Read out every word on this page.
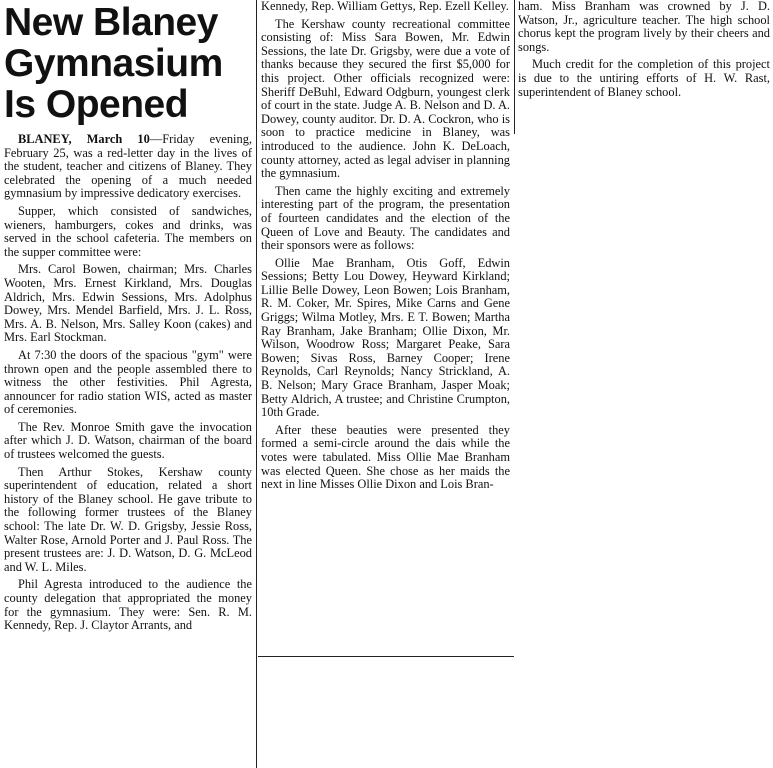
New Blaney
Gymnasium
Is Opened

BLANEY, March 10—Friday evening, February 25, was a red-letter day in the lives of the student, teacher and citizens of Blaney. They celebrated the opening of a much needed gymnasium by impressive dedicatory exercises.

Supper, which consisted of sandwiches, wieners, hamburgers, cokes and drinks, was served in the school cafeteria. The members on the supper committee were:

Mrs. Carol Bowen, chairman; Mrs. Charles Wooten, Mrs. Ernest Kirkland, Mrs. Douglas Aldrich, Mrs. Edwin Sessions, Mrs. Adolphus Dowey, Mrs. Mendel Barfield, Mrs. J. L. Ross, Mrs. A. B. Nelson, Mrs. Salley Koon (cakes) and Mrs. Earl Stockman.

At 7:30 the doors of the spacious "gym" were thrown open and the people assembled there to witness the other festivities. Phil Agresta, announcer for radio station WIS, acted as master of ceremonies.

The Rev. Monroe Smith gave the invocation after which J. D. Watson, chairman of the board of trustees welcomed the guests.

Then Arthur Stokes, Kershaw county superintendent of education, related a short history of the Blaney school. He gave tribute to the following former trustees of the Blaney school: The late Dr. W. D. Grigsby, Jessie Ross, Walter Rose, Arnold Porter and J. Paul Ross. The present trustees are: J. D. Watson, D. G. McLeod and W. L. Miles.

Phil Agresta introduced to the audience the county delegation that appropriated the money for the gymnasium. They were: Sen. R. M. Kennedy, Rep. J. Claytor Arrants, and

Kennedy, Rep. William Gettys, Rep. Ezell Kelley.

The Kershaw county recreational committee consisting of: Miss Sara Bowen, Mr. Edwin Sessions, the late Dr. Grigsby, were due a vote of thanks because they secured the first $5,000 for this project. Other officials recognized were: Sheriff DeBuhl, Edward Odgburn, youngest clerk of court in the state. Judge A. B. Nelson and D. A. Dowey, county auditor. Dr. D. A. Cockron, who is soon to practice medicine in Blaney, was introduced to the audience. John K. DeLoach, county attorney, acted as legal adviser in planning the gymnasium.

Then came the highly exciting and extremely interesting part of the program, the presentation of fourteen candidates and the election of the Queen of Love and Beauty. The candidates and their sponsors were as follows:

Ollie Mae Branham, Otis Goff, Edwin Sessions; Betty Lou Dowey, Heyward Kirkland; Lillie Belle Dowey, Leon Bowen; Lois Branham, R. M. Coker, Mr. Spires, Mike Carns and Gene Griggs; Wilma Motley, Mrs. E T. Bowen; Martha Ray Branham, Jake Branham; Ollie Dixon, Mr. Wilson, Woodrow Ross; Margaret Peake, Sara Bowen; Sivas Ross, Barney Cooper; Irene Reynolds, Carl Reynolds; Nancy Strickland, A. B. Nelson; Mary Grace Branham, Jasper Moak; Betty Aldrich, A trustee; and Christine Crumpton, 10th Grade.

After these beauties were presented they formed a semi-circle around the dais while the votes were tabulated. Miss Ollie Mae Branham was elected Queen. She chose as her maids the next in line Misses Ollie Dixon and Lois Bran-

ham. Miss Branham was crowned by J. D. Watson, Jr., agriculture teacher. The high school chorus kept the program lively by their cheers and songs.

Much credit for the completion of this project is due to the untiring efforts of H. W. Rast, superintendent of Blaney school.
